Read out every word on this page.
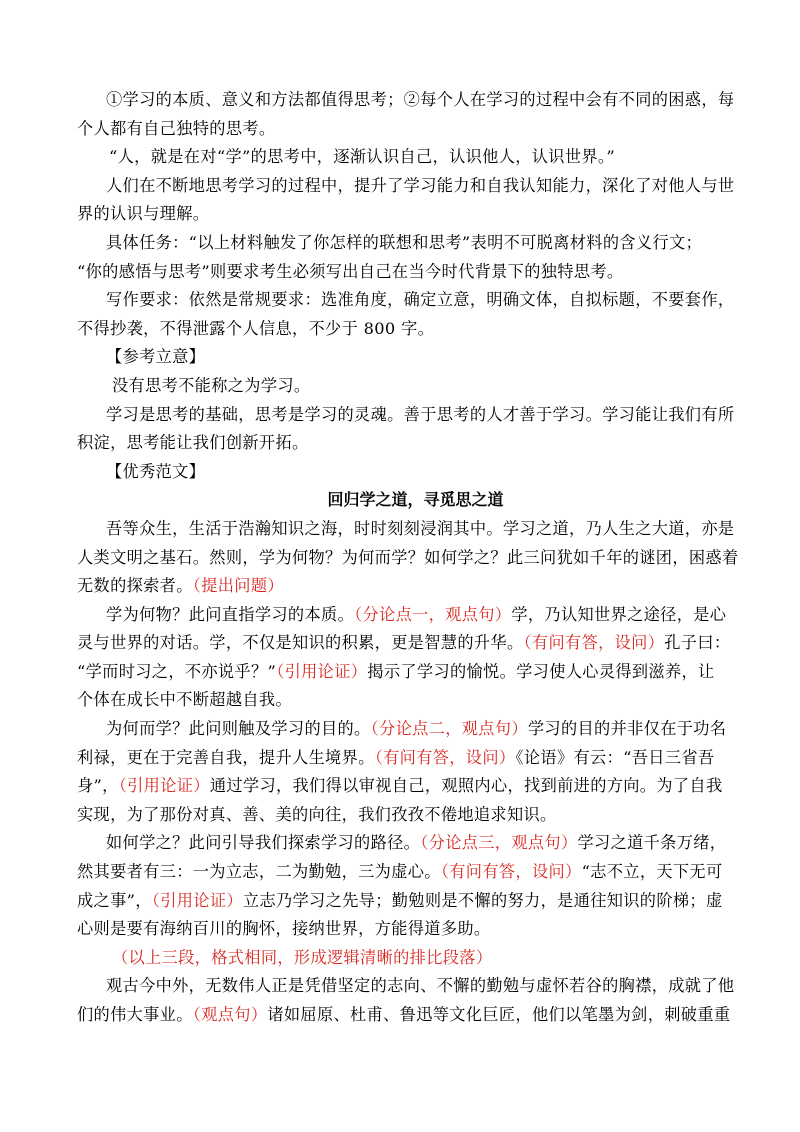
①学习的本质、意义和方法都值得思考；②每个人在学习的过程中会有不同的困惑，每
个人都有自己独特的思考。
“人，就是在对“学”的思考中，逐渐认识自己，认识他人，认识世界。”
人们在不断地思考学习的过程中，提升了学习能力和自我认知能力，深化了对他人与世
界的认识与理解。
具体任务：“以上材料触发了你怎样的联想和思考”表明不可脱离材料的含义行文；
“你的感悟与思考”则要求考生必须写出自己在当今时代背景下的独特思考。
写作要求：依然是常规要求：选准角度，确定立意，明确文体，自拟标题，不要套作，
不得抄袭，不得泄露个人信息，不少于 800 字。
【参考立意】
没有思考不能称之为学习。
学习是思考的基础，思考是学习的灵魂。善于思考的人才善于学习。学习能让我们有所
积淀，思考能让我们创新开拓。
【优秀范文】
回归学之道，寻觅思之道
吾等众生，生活于浩瀚知识之海，时时刻刻浸润其中。学习之道，乃人生之大道，亦是
人类文明之基石。然则，学为何物？为何而学？如何学之？此三问犹如千年的谜团，困惑着
无数的探索者。（提出问题）
学为何物？此问直指学习的本质。（分论点一，观点句）学，乃认知世界之途径，是心
灵与世界的对话。学，不仅是知识的积累，更是智慧的升华。（有问有答，设问）孔子曰：
“学而时习之，不亦说乎？”（引用论证）揭示了学习的愉悦。学习使人心灵得到滋养，让
个体在成长中不断超越自我。
为何而学？此问则触及学习的目的。（分论点二，观点句）学习的目的并非仅在于功名
利禄，更在于完善自我，提升人生境界。（有问有答，设问）《论语》有云：“吾日三省吾
身”，（引用论证）通过学习，我们得以审视自己，观照内心，找到前进的方向。为了自我
实现，为了那份对真、善、美的向往，我们孜孜不倦地追求知识。
如何学之？此问引导我们探索学习的路径。（分论点三，观点句）学习之道千条万绪，
然其要者有三：一为立志，二为勤勉，三为虚心。（有问有答，设问）“志不立，天下无可
成之事”，（引用论证）立志乃学习之先导；勤勉则是不懈的努力，是通往知识的阶梯；虚
心则是要有海纳百川的胸怀，接纳世界，方能得道多助。
（以上三段，格式相同，形成逻辑清晰的排比段落）
观古今中外，无数伟人正是凭借坚定的志向、不懈的勤勉与虚怀若谷的胸襟，成就了他
们的伟大事业。（观点句）诸如屈原、杜甫、鲁迅等文化巨匠，他们以笔墨为剑，刺破重重
